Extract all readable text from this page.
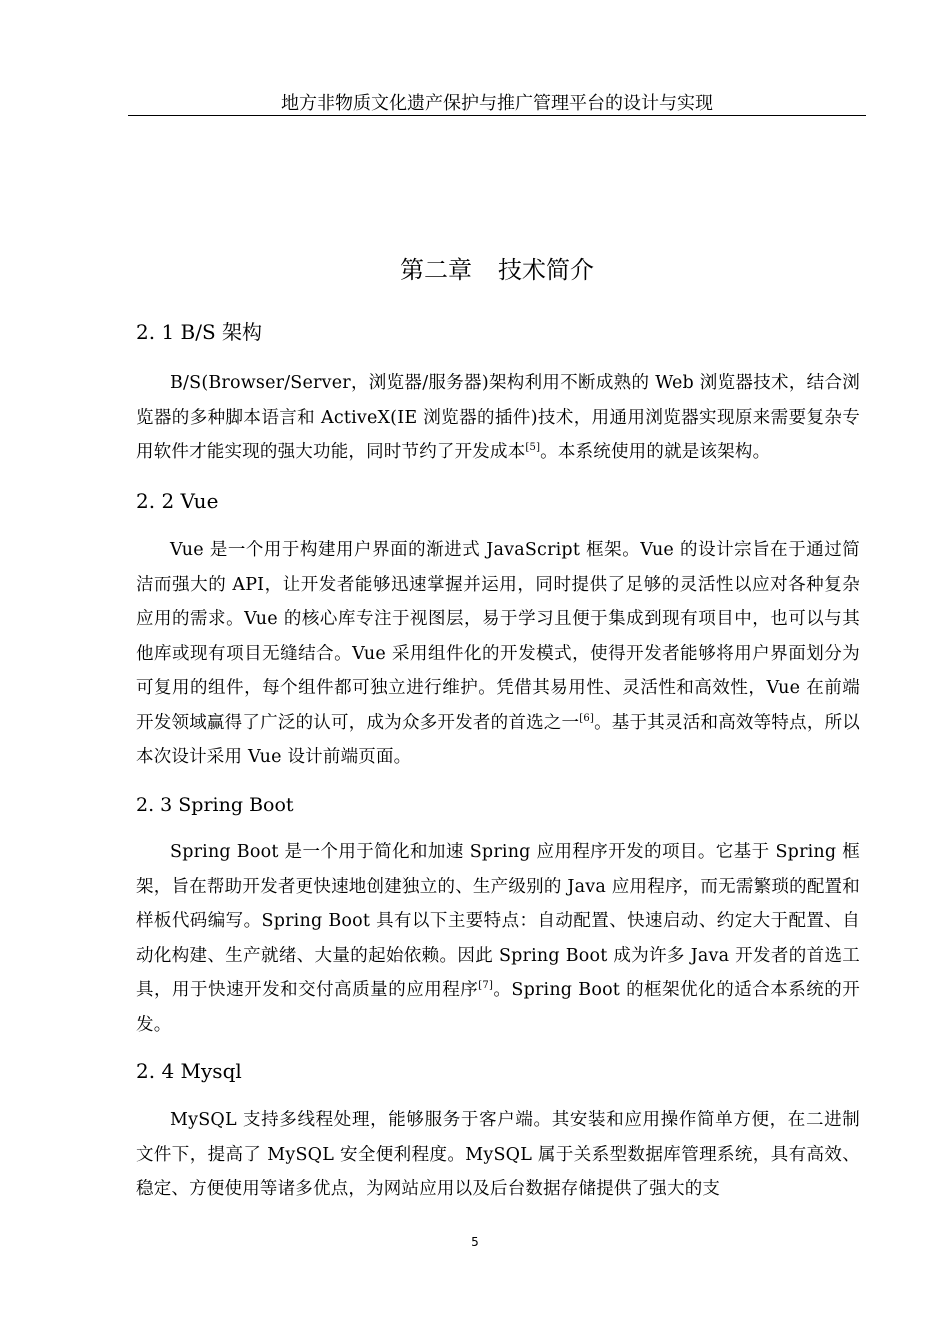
地方非物质文化遗产保护与推广管理平台的设计与实现
第二章 技术简介
2. 1 B/S 架构
B/S(Browser/Server，浏览器/服务器)架构利用不断成熟的 Web 浏览器技术，结合浏览器的多种脚本语言和 ActiveX(IE 浏览器的插件)技术，用通用浏览器实现原来需要复杂专用软件才能实现的强大功能，同时节约了开发成本[5]。本系统使用的就是该架构。
2. 2 Vue
Vue 是一个用于构建用户界面的渐进式 JavaScript 框架。Vue 的设计宗旨在于通过简洁而强大的 API，让开发者能够迅速掌握并运用，同时提供了足够的灵活性以应对各种复杂应用的需求。Vue 的核心库专注于视图层，易于学习且便于集成到现有项目中，也可以与其他库或现有项目无缝结合。Vue 采用组件化的开发模式，使得开发者能够将用户界面划分为可复用的组件，每个组件都可独立进行维护。凭借其易用性、灵活性和高效性，Vue 在前端开发领域赢得了广泛的认可，成为众多开发者的首选之一[6]。基于其灵活和高效等特点，所以本次设计采用 Vue 设计前端页面。
2. 3 Spring Boot
Spring Boot 是一个用于简化和加速 Spring 应用程序开发的项目。它基于 Spring 框架，旨在帮助开发者更快速地创建独立的、生产级别的 Java 应用程序，而无需繁琐的配置和样板代码编写。Spring Boot 具有以下主要特点：自动配置、快速启动、约定大于配置、自动化构建、生产就绪、大量的起始依赖。因此 Spring Boot 成为许多 Java 开发者的首选工具，用于快速开发和交付高质量的应用程序[7]。Spring Boot 的框架优化的适合本系统的开发。
2. 4 Mysql
MySQL 支持多线程处理，能够服务于客户端。其安装和应用操作简单方便，在二进制文件下，提高了 MySQL 安全便利程度。MySQL 属于关系型数据库管理系统，具有高效、稳定、方便使用等诸多优点，为网站应用以及后台数据存储提供了强大的支
5
